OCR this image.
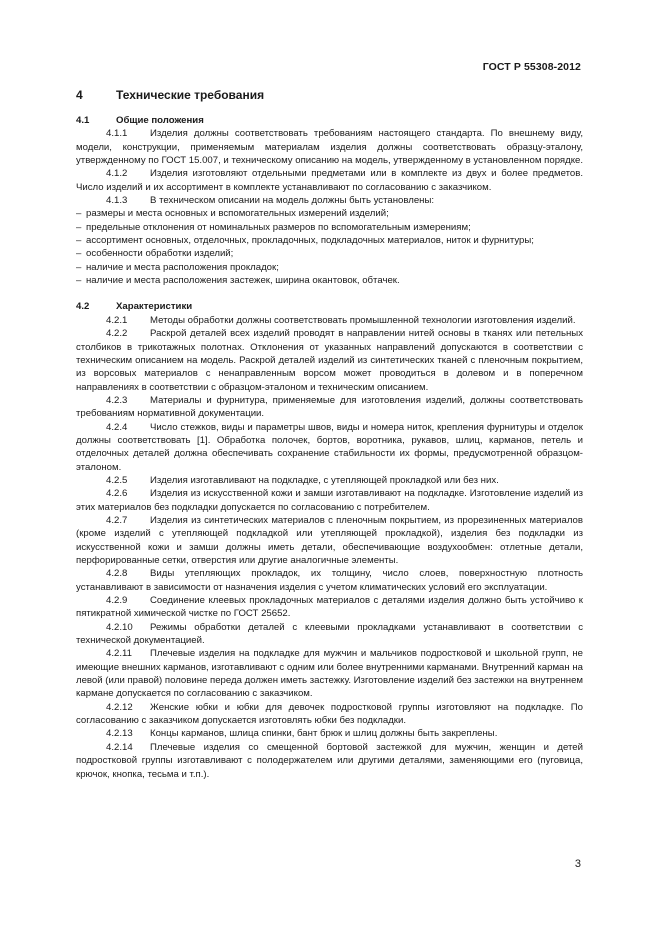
ГОСТ Р 55308-2012
4	Технические требования
4.1	Общие положения

4.1.1 Изделия должны соответствовать требованиям настоящего стандарта. По внешнему виду, модели, конструкции, применяемым материалам изделия должны соответствовать образцу-эталону, утвержденному по ГОСТ 15.007, и техническому описанию на модель, утвержденному в установленном порядке.

4.1.2 Изделия изготовляют отдельными предметами или в комплекте из двух и более предметов. Число изделий и их ассортимент в комплекте устанавливают по согласованию с заказчиком.

4.1.3 В техническом описании на модель должны быть установлены:

– размеры и места основных и вспомогательных измерений изделий;

– предельные отклонения от номинальных размеров по вспомогательным измерениям;

– ассортимент основных, отделочных, прокладочных, подкладочных материалов, ниток и фурнитуры;

– особенности обработки изделий;

– наличие и места расположения прокладок;

– наличие и места расположения застежек, ширина окантовок, обтачек.

4.2	Характеристики

4.2.1 Методы обработки должны соответствовать промышленной технологии изготовления изделий.

4.2.2 Раскрой деталей всех изделий проводят в направлении нитей основы в тканях или петельных столбиков в трикотажных полотнах. Отклонения от указанных направлений допускаются в соответствии с техническим описанием на модель. Раскрой деталей изделий из синтетических тканей с пленочным покрытием, из ворсовых материалов с ненаправленным ворсом может проводиться в долевом и в поперечном направлениях в соответствии с образцом-эталоном и техническим описанием.

4.2.3 Материалы и фурнитура, применяемые для изготовления изделий, должны соответствовать требованиям нормативной документации.

4.2.4 Число стежков, виды и параметры швов, виды и номера ниток, крепления фурнитуры и отделок должны соответствовать [1]. Обработка полочек, бортов, воротника, рукавов, шлиц, карманов, петель и отделочных деталей должна обеспечивать сохранение стабильности их формы, предусмотренной образцом-эталоном.

4.2.5 Изделия изготавливают на подкладке, с утепляющей прокладкой или без них.

4.2.6 Изделия из искусственной кожи и замши изготавливают на подкладке. Изготовление изделий из этих материалов без подкладки допускается по согласованию с потребителем.

4.2.7 Изделия из синтетических материалов с пленочным покрытием, из прорезиненных материалов (кроме изделий с утепляющей подкладкой или утепляющей прокладкой), изделия без подкладки из искусственной кожи и замши должны иметь детали, обеспечивающие воздухообмен: отлетные детали, перфорированные сетки, отверстия или другие аналогичные элементы.

4.2.8 Виды утепляющих прокладок, их толщину, число слоев, поверхностную плотность устанавливают в зависимости от назначения изделия с учетом климатических условий его эксплуатации.

4.2.9 Соединение клеевых прокладочных материалов с деталями изделия должно быть устойчиво к пятикратной химической чистке по ГОСТ 25652.

4.2.10 Режимы обработки деталей с клеевыми прокладками устанавливают в соответствии с технической документацией.

4.2.11 Плечевые изделия на подкладке для мужчин и мальчиков подростковой и школьной групп, не имеющие внешних карманов, изготавливают с одним или более внутренними карманами. Внутренний карман на левой (или правой) половине переда должен иметь застежку. Изготовление изделий без застежки на внутреннем кармане допускается по согласованию с заказчиком.

4.2.12 Женские юбки и юбки для девочек подростковой группы изготовляют на подкладке. По согласованию с заказчиком допускается изготовлять юбки без подкладки.

4.2.13 Концы карманов, шлица спинки, бант брюк и шлиц должны быть закреплены.

4.2.14 Плечевые изделия со смещенной бортовой застежкой для мужчин, женщин и детей подростковой группы изготавливают с полодержателем или другими деталями, заменяющими его (пуговица, крючок, кнопка, тесьма и т.п.).

3
